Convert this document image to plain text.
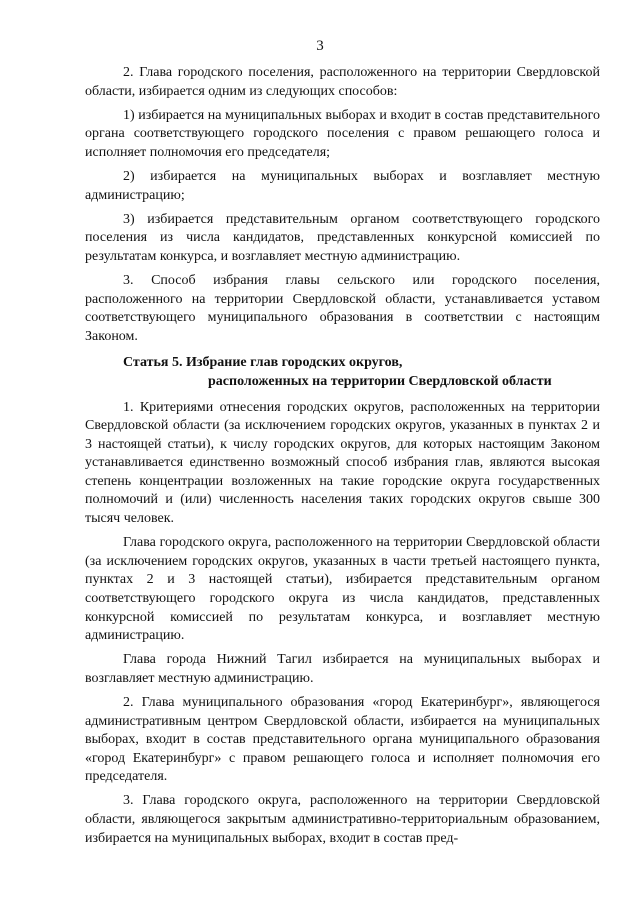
3

2. Глава городского поселения, расположенного на территории Свердловской области, избирается одним из следующих способов:

1) избирается на муниципальных выборах и входит в состав представительного органа соответствующего городского поселения с правом решающего голоса и исполняет полномочия его председателя;

2) избирается на муниципальных выборах и возглавляет местную администрацию;

3) избирается представительным органом соответствующего городского поселения из числа кандидатов, представленных конкурсной комиссией по результатам конкурса, и возглавляет местную администрацию.

3. Способ избрания главы сельского или городского поселения, расположенного на территории Свердловской области, устанавливается уставом соответствующего муниципального образования в соответствии с настоящим Законом.

Статья 5. Избрание глав городских округов,
расположенных на территории Свердловской области

1. Критериями отнесения городских округов, расположенных на территории Свердловской области (за исключением городских округов, указанных в пунктах 2 и 3 настоящей статьи), к числу городских округов, для которых настоящим Законом устанавливается единственно возможный способ избрания глав, являются высокая степень концентрации возложенных на такие городские округа государственных полномочий и (или) численность населения таких городских округов свыше 300 тысяч человек.

Глава городского округа, расположенного на территории Свердловской области (за исключением городских округов, указанных в части третьей настоящего пункта, пунктах 2 и 3 настоящей статьи), избирается представительным органом соответствующего городского округа из числа кандидатов, представленных конкурсной комиссией по результатам конкурса, и возглавляет местную администрацию.

Глава города Нижний Тагил избирается на муниципальных выборах и возглавляет местную администрацию.

2. Глава муниципального образования «город Екатеринбург», являющегося административным центром Свердловской области, избирается на муниципальных выборах, входит в состав представительного органа муниципального образования «город Екатеринбург» с правом решающего голоса и исполняет полномочия его председателя.

3. Глава городского округа, расположенного на территории Свердловской области, являющегося закрытым административно-территориальным образованием, избирается на муниципальных выборах, входит в состав пред-
